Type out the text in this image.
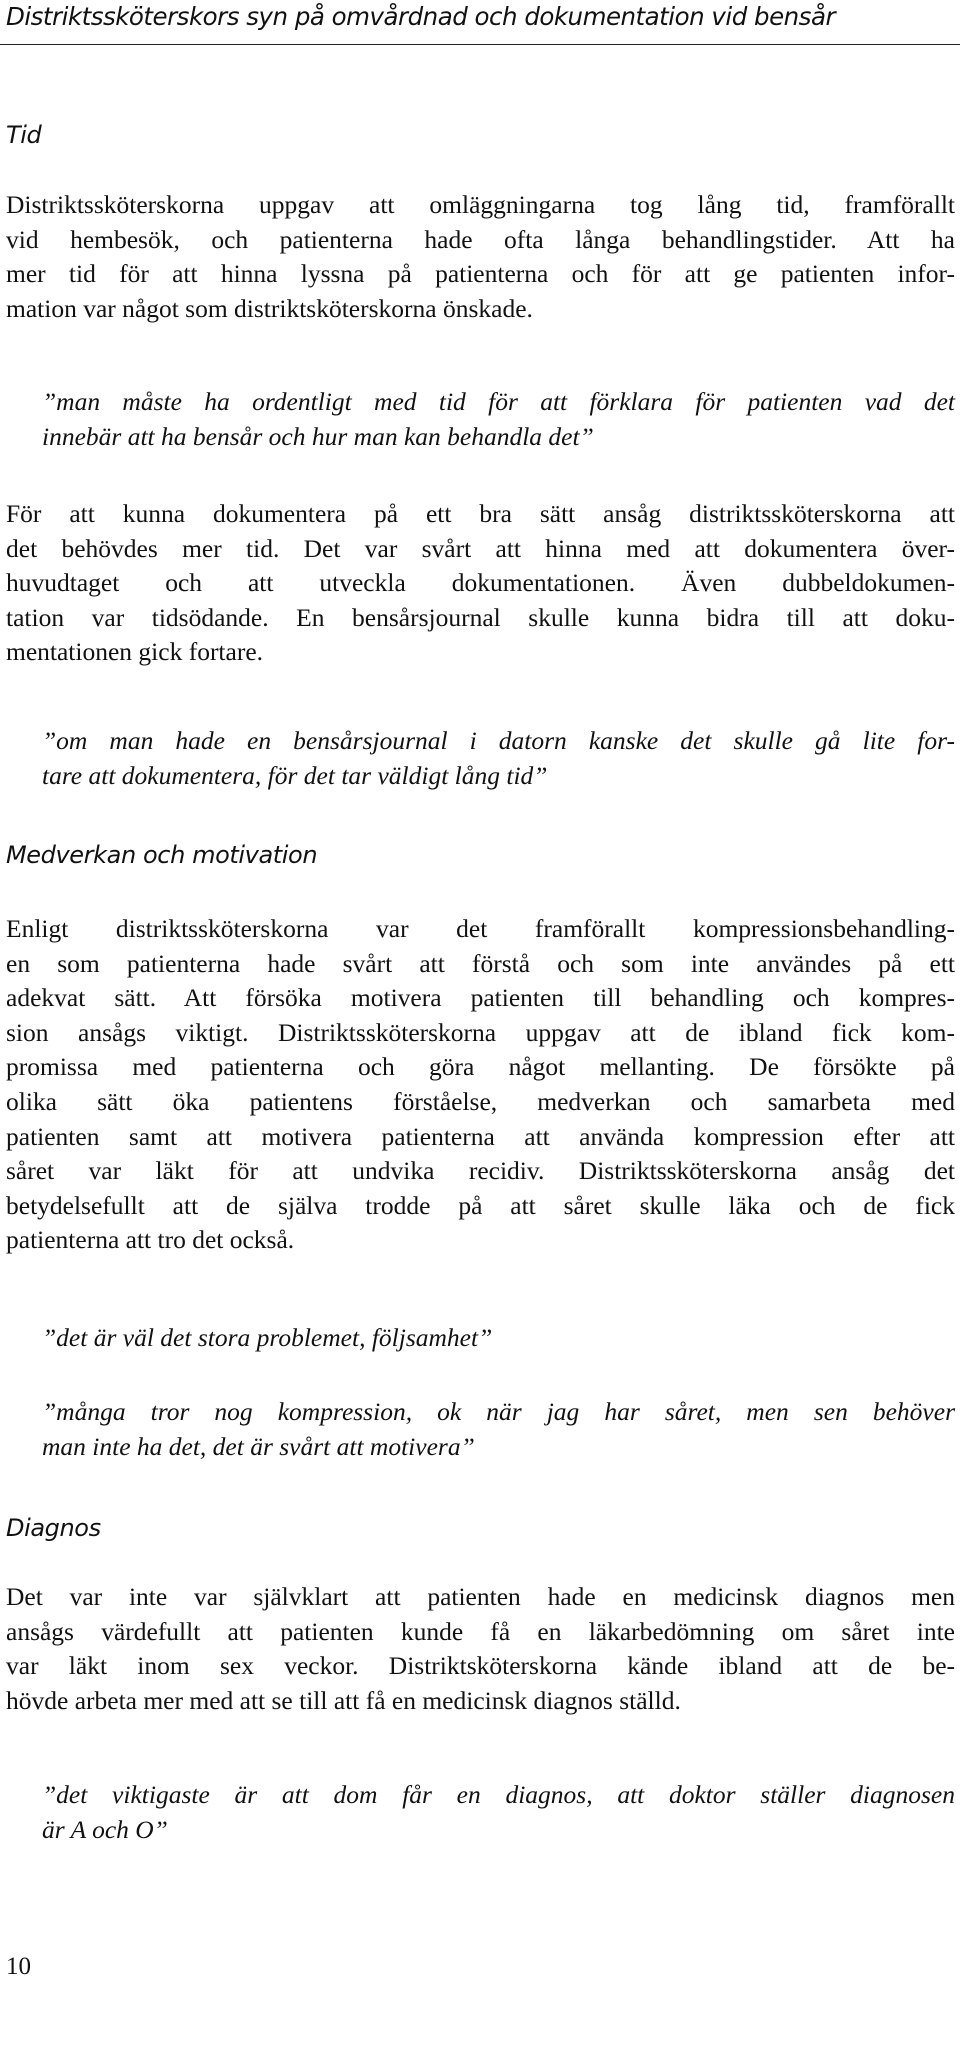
Distriktssköterskors syn på omvårdnad och dokumentation vid bensår
Tid
Distriktssköterskorna uppgav att omläggningarna tog lång tid, framförallt
vid hembesök, och patienterna hade ofta långa behandlingstider. Att ha
mer tid för att hinna lyssna på patienterna och för att ge patienten infor-
mation var något som distriktsköterskorna önskade.
”man måste ha ordentligt med tid för att förklara för patienten vad det
innebär att ha bensår och hur man kan behandla det”
För att kunna dokumentera på ett bra sätt ansåg distriktssköterskorna att
det behövdes mer tid. Det var svårt att hinna med att dokumentera över-
huvudtaget och att utveckla dokumentationen. Även dubbeldokumen-
tation var tidsödande. En bensårsjournal skulle kunna bidra till att doku-
mentationen gick fortare.
”om man hade en bensårsjournal i datorn kanske det skulle gå lite for-
tare att dokumentera, för det tar väldigt lång tid”
Medverkan och motivation
Enligt distriktssköterskorna var det framförallt kompressionsbehandling-
en som patienterna hade svårt att förstå och som inte användes på ett
adekvat sätt. Att försöka motivera patienten till behandling och kompres-
sion ansågs viktigt. Distriktssköterskorna uppgav att de ibland fick kom-
promissa med patienterna och göra något mellanting. De försökte på
olika sätt öka patientens förståelse, medverkan och samarbeta med
patienten samt att motivera patienterna att använda kompression efter att
såret var läkt för att undvika recidiv. Distriktssköterskorna ansåg det
betydelsefullt att de själva trodde på att såret skulle läka och de fick
patienterna att tro det också.
”det är väl det stora problemet, följsamhet”
”många tror nog kompression, ok när jag har såret, men sen behöver
man inte ha det, det är svårt att motivera”
Diagnos
Det var inte var självklart att patienten hade en medicinsk diagnos men
ansågs värdefullt att patienten kunde få en läkarbedömning om såret inte
var läkt inom sex veckor. Distriktsköterskorna kände ibland att de be-
hövde arbeta mer med att se till att få en medicinsk diagnos ställd.
”det viktigaste är att dom får en diagnos, att doktor ställer diagnosen
är A och O”
10
